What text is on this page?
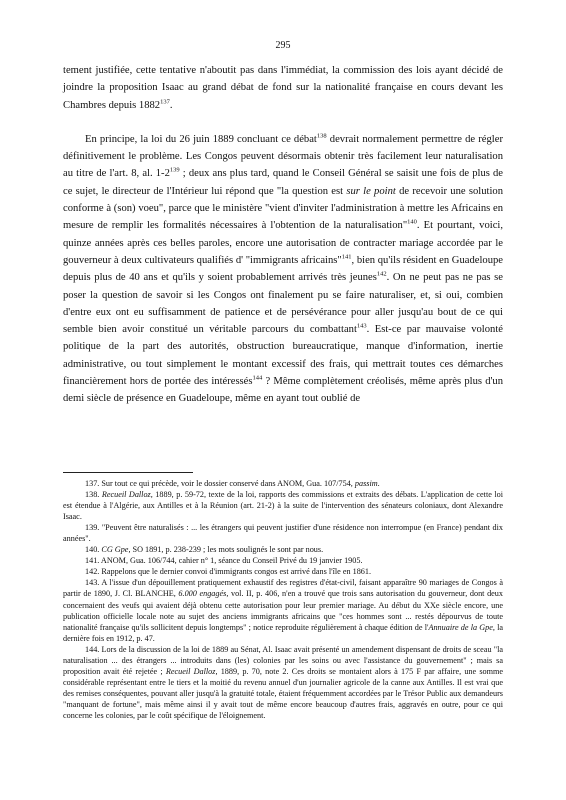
295

tement justifiée, cette tentative n'aboutit pas dans l'immédiat, la commission des lois ayant décidé de joindre la proposition Isaac au grand débat de fond sur la nationalité française en cours devant les Chambres depuis 1882$^{137}$.

En principe, la loi du 26 juin 1889 concluant ce débat$^{138}$ devrait normalement permettre de régler définitivement le problème. Les Congos peuvent désormais obtenir très facilement leur naturalisation au titre de l'art. 8, al. $1-2^{139}$ ; deux ans plus tard, quand le Conseil Général se saisit une fois de plus de ce sujet, le directeur de l'Intérieur lui répond que "la question est sur le point de recevoir une solution conforme à (son) voeu", parce que le ministère "vient d'inviter l'administration à mettre les Africains en mesure de remplir les formalités nécessaires à l'obtention de la naturalisation"$^{140}$. Et pourtant, voici, quinze années après ces belles paroles, encore une autorisation de contracter mariage accordée par le gouverneur à deux cultivateurs qualifiés d' "immigrants africains"$^{141}$, bien qu'ils résident en Guadeloupe depuis plus de 40 ans et qu'ils y soient probablement arrivés très jeunes$^{142}$. On ne peut pas ne pas se poser la question de savoir si les Congos ont finalement pu se faire naturaliser, et, si oui, combien d'entre eux ont eu suffisamment de patience et de persévérance pour aller jusqu'au bout de ce qui semble bien avoir constitué un véritable parcours du combattant$^{143}$. Est-ce par mauvaise volonté politique de la part des autorités, obstruction bureaucratique, manque d'information, inertie administrative, ou tout simplement le montant excessif des frais, qui mettrait toutes ces démarches financièrement hors de portée des intéressés$^{144}$ ? Même complètement créolisés, même après plus d'un demi siècle de présence en Guadeloupe, même en ayant tout oublié de

137. Sur tout ce qui précède, voir le dossier conservé dans ANOM, Gua. 107/754, passim.

138. Recueil Dalloz, 1889, p. 59-72, texte de la loi, rapports des commissions et extraits des débats. L'application de cette loi est étendue à l'Algérie, aux Antilles et à la Réunion (art. 21-2) à la suite de l'intervention des sénateurs coloniaux, dont Alexandre Isaac.

139. "Peuvent être naturalisés : ... les étrangers qui peuvent justifier d'une résidence non interrompue (en France) pendant dix années".

140. CG Gpe, SO 1891, p. 238-239 ; les mots soulignés le sont par nous.

141. ANOM, Gua. 106/744, cahier n° 1, séance du Conseil Privé du 19 janvier 1905.

142. Rappelons que le dernier convoi d'immigrants congos est arrivé dans l'île en 1861.

143. A l'issue d'un dépouillement pratiquement exhaustif des registres d'état-civil, faisant apparaître 90 mariages de Congos à partir de 1890, J. Cl. BLANCHE, 6.000 engagés, vol. II, p. 406, n'en a trouvé que trois sans autorisation du gouverneur, dont deux concernaient des veufs qui avaient déjà obtenu cette autorisation pour leur premier mariage. Au début du XXe siècle encore, une publication officielle locale note au sujet des anciens immigrants africains que "ces hommes sont ... restés dépourvus de toute nationalité française qu'ils sollicitent depuis longtemps" ; notice reproduite régulièrement à chaque édition de l'Annuaire de la Gpe, la dernière fois en 1912, p. 47.

144. Lors de la discussion de la loi de 1889 au Sénat, Al. Isaac avait présenté un amendement dispensant de droits de sceau "la naturalisation ... des étrangers ... introduits dans (les) colonies par les soins ou avec l'assistance du gouvernement" ; mais sa proposition avait été rejetée ; Recueil Dalloz, 1889, p. 70, note 2. Ces droits se montaient alors à 175 F par affaire, une somme considérable représentant entre le tiers et la moitié du revenu annuel d'un journalier agricole de la canne aux Antilles. Il est vrai que des remises conséquentes, pouvant aller jusqu'à la gratuité totale, étaient fréquemment accordées par le Trésor Public aux demandeurs "manquant de fortune", mais même ainsi il y avait tout de même encore beaucoup d'autres frais, aggravés en outre, pour ce qui concerne les colonies, par le coût spécifique de l'éloignement.
